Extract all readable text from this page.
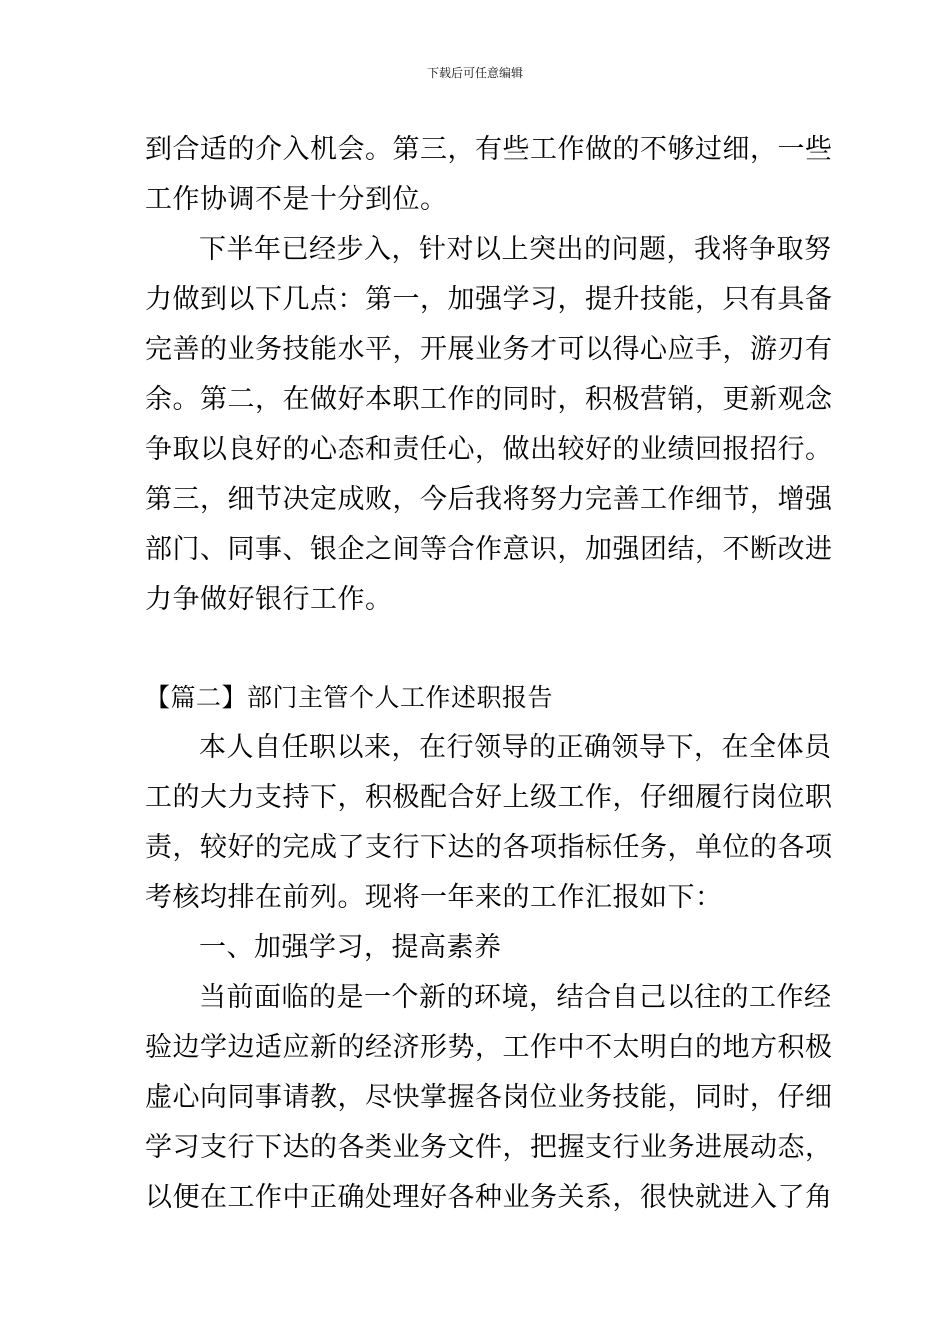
下载后可任意编辑
到合适的介入机会。第三，有些工作做的不够过细，一些
工作协调不是十分到位。
下半年已经步入，针对以上突出的问题，我将争取努
力做到以下几点：第一，加强学习，提升技能，只有具备
完善的业务技能水平，开展业务才可以得心应手，游刃有
余。第二，在做好本职工作的同时，积极营销，更新观念
争取以良好的心态和责任心，做出较好的业绩回报招行。
第三，细节决定成败，今后我将努力完善工作细节，增强
部门、同事、银企之间等合作意识，加强团结，不断改进
力争做好银行工作。
【篇二】部门主管个人工作述职报告
本人自任职以来，在行领导的正确领导下，在全体员
工的大力支持下，积极配合好上级工作，仔细履行岗位职
责，较好的完成了支行下达的各项指标任务，单位的各项
考核均排在前列。现将一年来的工作汇报如下：
一、加强学习，提高素养
当前面临的是一个新的环境，结合自己以往的工作经
验边学边适应新的经济形势，工作中不太明白的地方积极
虚心向同事请教，尽快掌握各岗位业务技能，同时，仔细
学习支行下达的各类业务文件，把握支行业务进展动态，
以便在工作中正确处理好各种业务关系，很快就进入了角
